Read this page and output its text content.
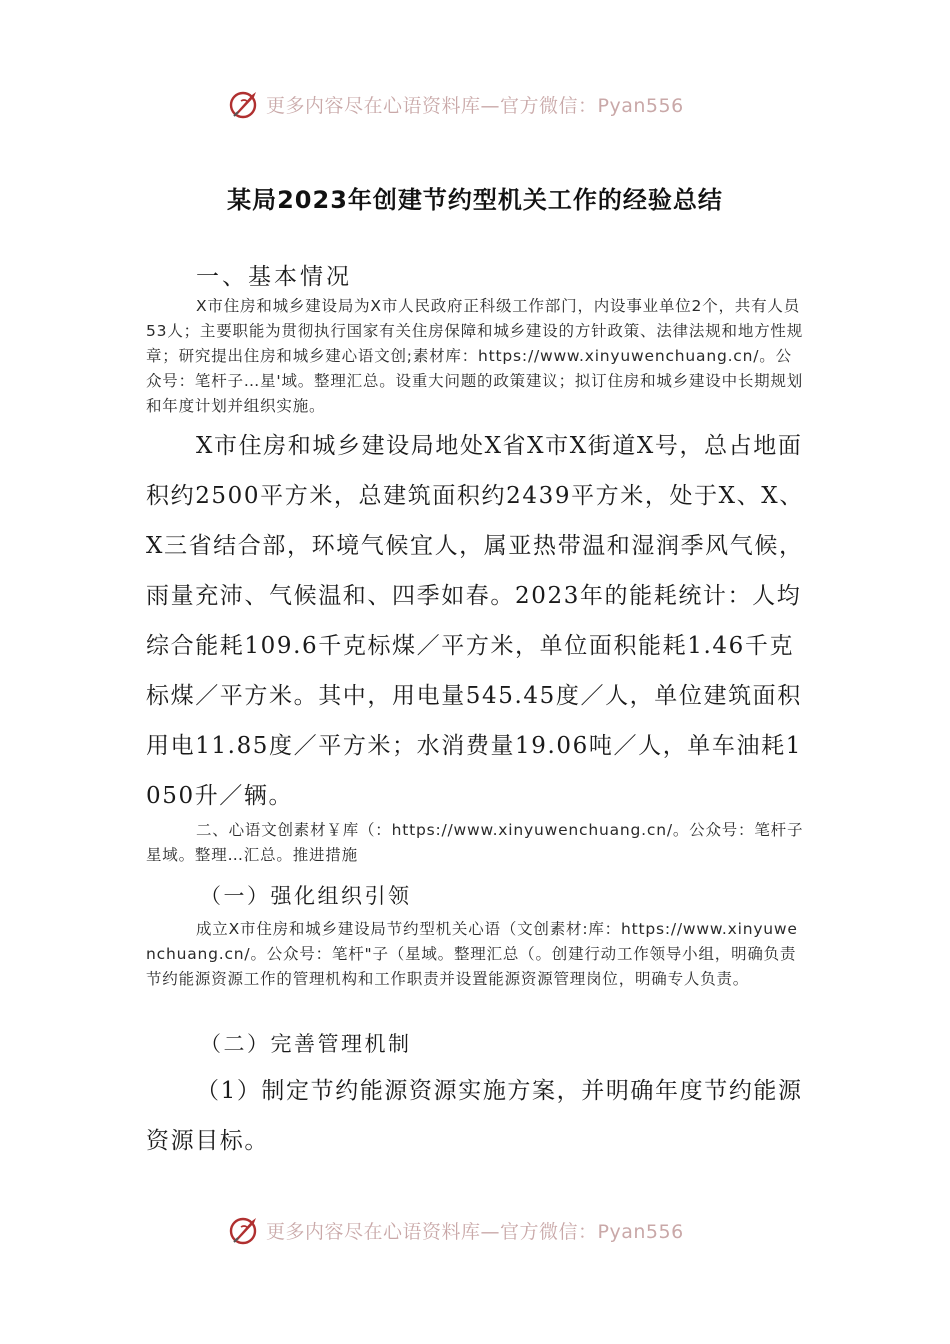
更多内容尽在心语资料库—官方微信：Pyan556
某局2023年创建节约型机关工作的经验总结
一、基本情况
X市住房和城乡建设局为X市人民政府正科级工作部门，内设事业单位2个，共有人员53人；主要职能为贯彻执行国家有关住房保障和城乡建设的方针政策、法律法规和地方性规章；研究提出住房和城乡建心语文创;素材库：https://www.xinyuwenchuang.cn/。公众号：笔杆子…星'域。整理汇总。设重大问题的政策建议；拟订住房和城乡建设中长期规划和年度计划并组织实施。
X市住房和城乡建设局地处X省X市X街道X号，总占地面积约2500平方米，总建筑面积约2439平方米，处于X、X、X三省结合部，环境气候宜人，属亚热带温和湿润季风气候，雨量充沛、气候温和、四季如春。2023年的能耗统计：人均综合能耗109.6千克标煤／平方米，单位面积能耗1.46千克标煤／平方米。其中，用电量545.45度／人，单位建筑面积用电11.85度／平方米；水消费量19.06吨／人，单车油耗1050升／辆。
二、心语文创素材￥库（：https://www.xinyuwenchuang.cn/。公众号：笔杆子星域。整理…汇总。推进措施
（一）强化组织引领
成立X市住房和城乡建设局节约型机关心语（文创素材:库：https://www.xinyuwenchuang.cn/。公众号：笔杆"子（星域。整理汇总（。创建行动工作领导小组，明确负责节约能源资源工作的管理机构和工作职责并设置能源资源管理岗位，明确专人负责。
（二）完善管理机制
（1）制定节约能源资源实施方案，并明确年度节约能源资源目标。
更多内容尽在心语资料库—官方微信：Pyan556
